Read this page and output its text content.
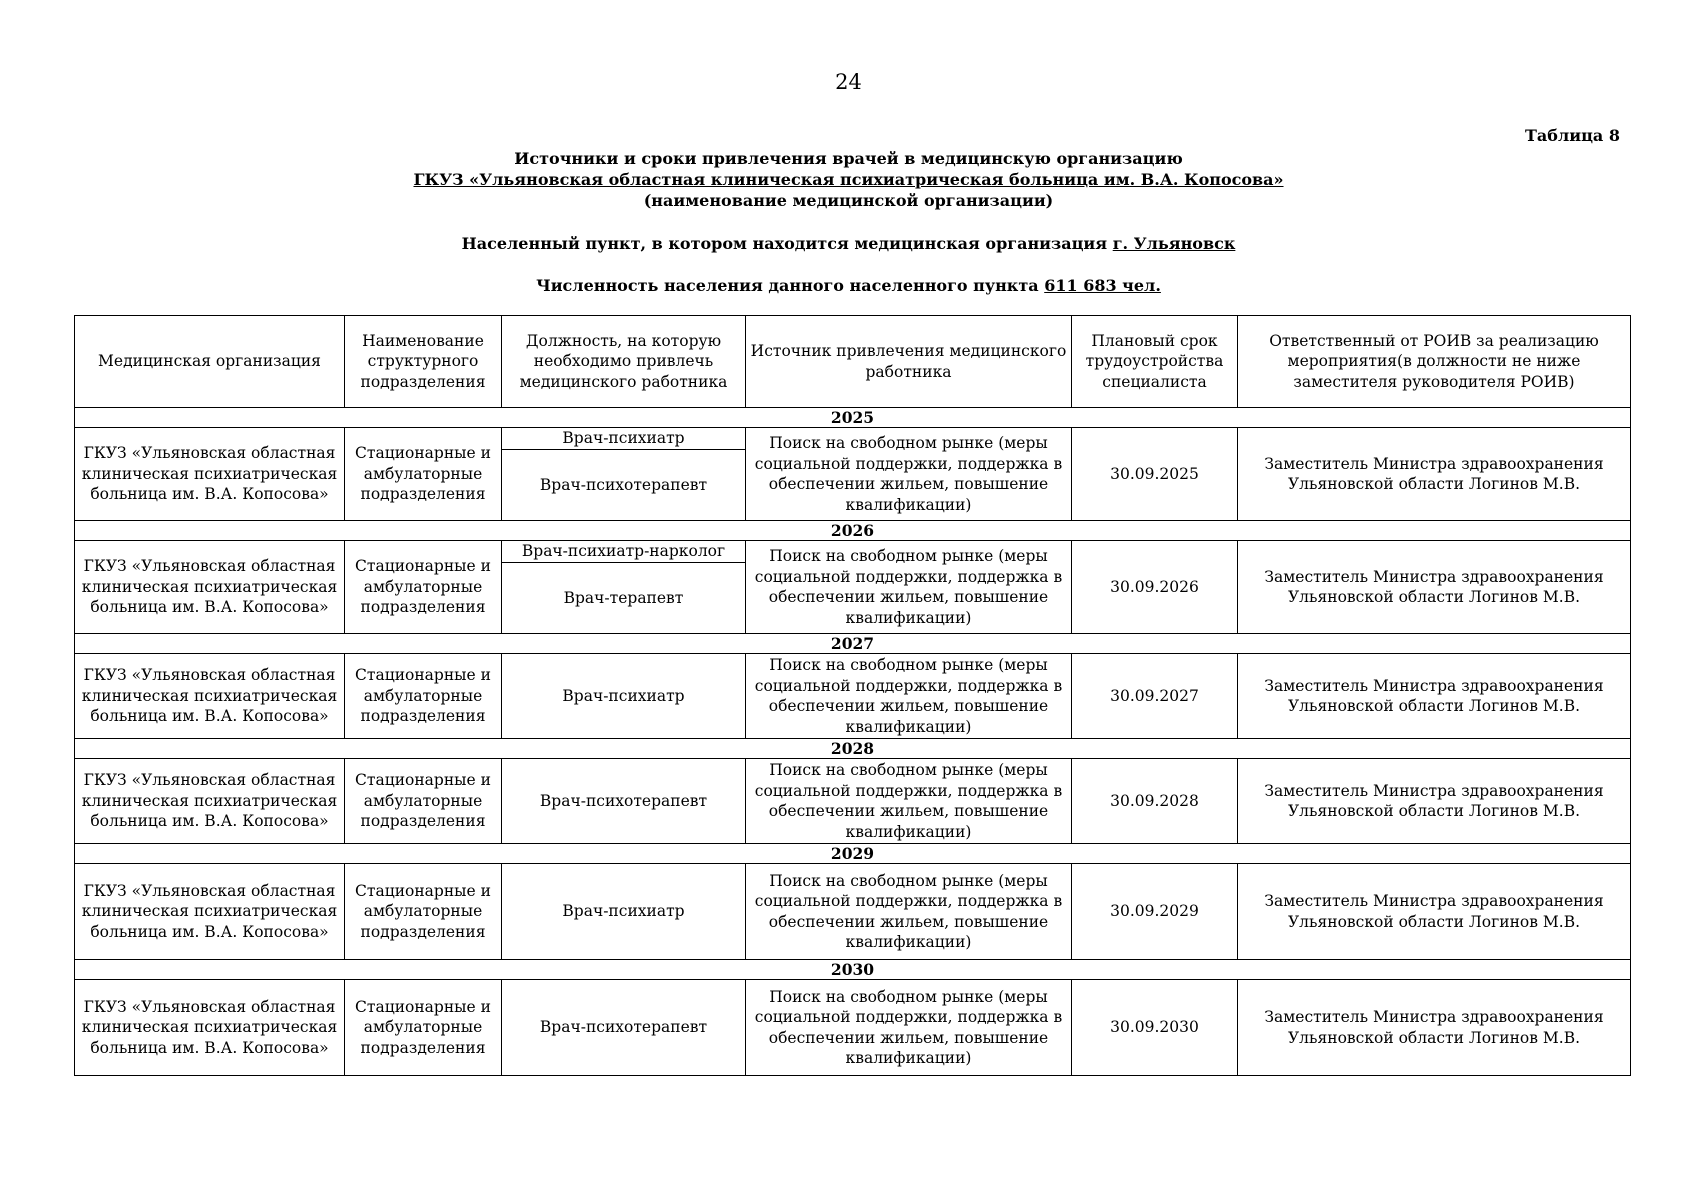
24
Таблица 8
Источники и сроки привлечения врачей в медицинскую организацию
ГКУЗ «Ульяновская областная клиническая психиатрическая больница им. В.А. Копосова»
(наименование медицинской организации)
Населенный пункт, в котором находится медицинская организация г. Ульяновск
Численность населения данного населенного пункта 611 683 чел.
Медицинская организация	Наименование структурного подразделения	Должность, на которую необходимо привлечь медицинского работника	Источник привлечения медицинского работника	Плановый срок трудоустройства специалиста	Ответственный от РОИВ за реализацию мероприятия(в должности не ниже заместителя руководителя РОИВ)
2025					
ГКУЗ «Ульяновская областная клиническая психиатрическая больница им. В.А. Копосова»	Стационарные и амбулаторные подразделения	Врач-психиатр	Поиск на свободном рынке (меры социальной поддержки, поддержка в обеспечении жильем, повышение квалификации)	30.09.2025	Заместитель Министра здравоохранения Ульяновской области Логинов М.В.
		Врач-психотерапевт			
2026					
ГКУЗ «Ульяновская областная клиническая психиатрическая больница им. В.А. Копосова»	Стационарные и амбулаторные подразделения	Врач-психиатр-нарколог	Поиск на свободном рынке (меры социальной поддержки, поддержка в обеспечении жильем, повышение квалификации)	30.09.2026	Заместитель Министра здравоохранения Ульяновской области Логинов М.В.
		Врач-терапевт			
2027					
ГКУЗ «Ульяновская областная клиническая психиатрическая больница им. В.А. Копосова»	Стационарные и амбулаторные подразделения	Врач-психиатр	Поиск на свободном рынке (меры социальной поддержки, поддержка в обеспечении жильем, повышение квалификации)	30.09.2027	Заместитель Министра здравоохранения Ульяновской области Логинов М.В.
2028					
ГКУЗ «Ульяновская областная клиническая психиатрическая больница им. В.А. Копосова»	Стационарные и амбулаторные подразделения	Врач-психотерапевт	Поиск на свободном рынке (меры социальной поддержки, поддержка в обеспечении жильем, повышение квалификации)	30.09.2028	Заместитель Министра здравоохранения Ульяновской области Логинов М.В.
2029					
ГКУЗ «Ульяновская областная клиническая психиатрическая больница им. В.А. Копосова»	Стационарные и амбулаторные подразделения	Врач-психиатр	Поиск на свободном рынке (меры социальной поддержки, поддержка в обеспечении жильем, повышение квалификации)	30.09.2029	Заместитель Министра здравоохранения Ульяновской области Логинов М.В.
2030					
ГКУЗ «Ульяновская областная клиническая психиатрическая больница им. В.А. Копосова»	Стационарные и амбулаторные подразделения	Врач-психотерапевт	Поиск на свободном рынке (меры социальной поддержки, поддержка в обеспечении жильем, повышение квалификации)	30.09.2030	Заместитель Министра здравоохранения Ульяновской области Логинов М.В.
